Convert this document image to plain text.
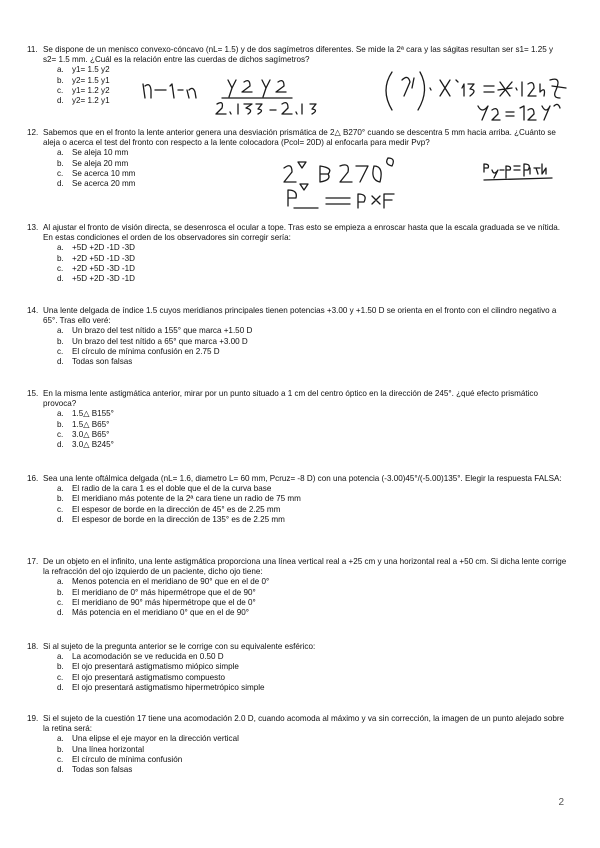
11. Se dispone de un menisco convexo-cóncavo (nL= 1.5) y de dos sagímetros diferentes. Se mide la 2ª cara y las ságitas resultan ser s1= 1.25 y s2= 1.5 mm. ¿Cuál es la relación entre las cuerdas de dichos sagímetros?
a.	y1= 1.5 y2
b.	y2= 1.5 y1
c.	y1= 1.2 y2
d.	y2= 1.2 y1
12. Sabemos que en el fronto la lente anterior genera una desviación prismática de 2△ B270° cuando se descentra 5 mm hacia arriba. ¿Cuánto se aleja o acerca el test del fronto con respecto a la lente colocadora (Pcol= 20D) al enfocarla para medir Pvp?
a.	Se aleja 10 mm
b.	Se aleja 20 mm
c.	Se acerca 10 mm
d.	Se acerca 20 mm
13. Al ajustar el fronto de visión directa, se desenrosca el ocular a tope. Tras esto se empieza a enroscar hasta que la escala graduada se ve nítida. En estas condiciones el orden de los observadores sin corregir sería:
a.	+5D +2D -1D -3D
b.	+2D +5D -1D -3D
c.	+2D +5D -3D -1D
d.	+5D +2D -3D -1D
14. Una lente delgada de índice 1.5 cuyos meridianos principales tienen potencias +3.00 y +1.50 D se orienta en el fronto con el cilindro negativo a 65°. Tras ello veré:
a.	Un brazo del test nítido a 155° que marca +1.50 D
b.	Un brazo del test nítido a 65° que marca +3.00 D
c.	El círculo de mínima confusión en 2.75 D
d.	Todas son falsas
15. En la misma lente astigmática anterior, mirar por un punto situado a 1 cm del centro óptico en la dirección de 245°. ¿qué efecto prismático provoca?
a.	1.5△ B155°
b.	1.5△ B65°
c.	3.0△ B65°
d.	3.0△ B245°
16. Sea una lente oftálmica delgada (nL= 1.6, diametro L= 60 mm, Pcruz= -8 D) con una potencia (-3.00)45°/(-5.00)135°. Elegir la respuesta FALSA:
a.	El radio de la cara 1 es el doble que el de la curva base
b.	El meridiano más potente de la 2ª cara tiene un radio de 75 mm
c.	El espesor de borde en la dirección de 45° es de 2.25 mm
d.	El espesor de borde en la dirección de 135° es de 2.25 mm
17. De un objeto en el infinito, una lente astigmática proporciona una línea vertical real a +25 cm y una horizontal real a +50 cm. Si dicha lente corrige la refracción del ojo izquierdo de un paciente, dicho ojo tiene:
a.	Menos potencia en el meridiano de 90° que en el de 0°
b.	El meridiano de 0° más hipermétrope que el de 90°
c.	El meridiano de 90° más hipermétrope que el de 0°
d.	Más potencia en el meridiano 0° que en el de 90°
18. Si al sujeto de la pregunta anterior se le corrige con su equivalente esférico:
a.	La acomodación se ve reducida en 0.50 D
b.	El ojo presentará astigmatismo miópico simple
c.	El ojo presentará astigmatismo compuesto
d.	El ojo presentará astigmatismo hipermetrópico simple
19. Si el sujeto de la cuestión 17 tiene una acomodación 2.0 D, cuando acomoda al máximo y va sin corrección, la imagen de un punto alejado sobre la retina será:
a.	Una elipse el eje mayor en la dirección vertical
b.	Una línea horizontal
c.	El círculo de mínima confusión
d.	Todas son falsas
2
